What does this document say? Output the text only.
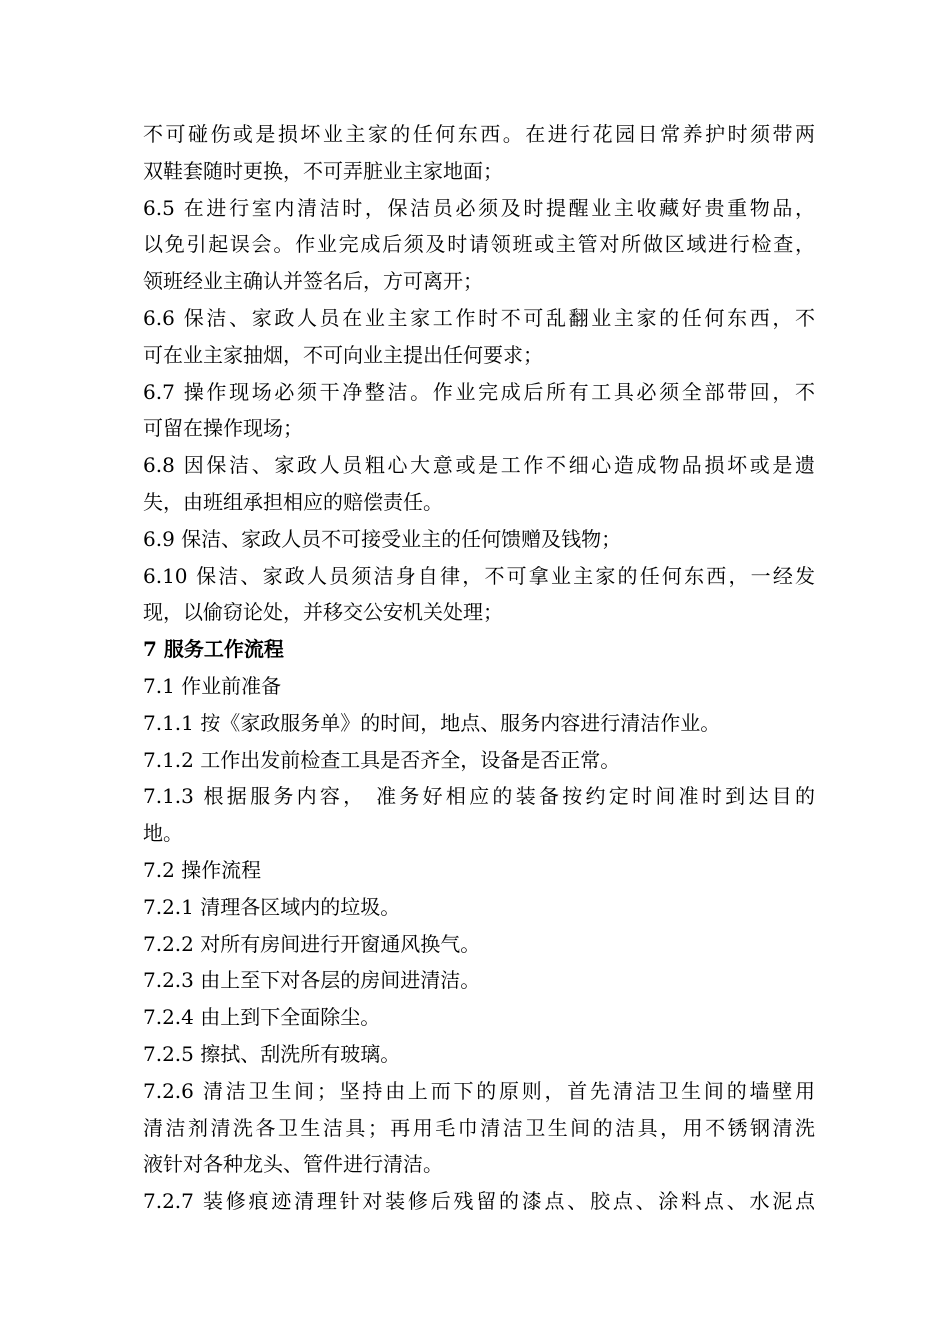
不可碰伤或是损坏业主家的任何东西。在进行花园日常养护时须带两
双鞋套随时更换，不可弄脏业主家地面；
6.5 在进行室内清洁时，保洁员必须及时提醒业主收藏好贵重物品，
以免引起误会。作业完成后须及时请领班或主管对所做区域进行检查，
领班经业主确认并签名后，方可离开；
6.6 保洁、家政人员在业主家工作时不可乱翻业主家的任何东西，不
可在业主家抽烟，不可向业主提出任何要求；
6.7 操作现场必须干净整洁。作业完成后所有工具必须全部带回，不
可留在操作现场；
6.8 因保洁、家政人员粗心大意或是工作不细心造成物品损坏或是遗
失，由班组承担相应的赔偿责任。
6.9 保洁、家政人员不可接受业主的任何馈赠及钱物；
6.10 保洁、家政人员须洁身自律，不可拿业主家的任何东西，一经发
现，以偷窃论处，并移交公安机关处理；
7 服务工作流程
7.1 作业前准备
7.1.1 按《家政服务单》的时间，地点、服务内容进行清洁作业。
7.1.2 工作出发前检查工具是否齐全，设备是否正常。
7.1.3 根据服务内容， 准务好相应的装备按约定时间准时到达目的
地。
7.2 操作流程
7.2.1 清理各区域内的垃圾。
7.2.2 对所有房间进行开窗通风换气。
7.2.3 由上至下对各层的房间进清洁。
7.2.4 由上到下全面除尘。
7.2.5 擦拭、刮洗所有玻璃。
7.2.6 清洁卫生间；坚持由上而下的原则，首先清洁卫生间的墙壁用
清洁剂清洗各卫生洁具；再用毛巾清洁卫生间的洁具，用不锈钢清洗
液针对各种龙头、管件进行清洁。
7.2.7 装修痕迹清理针对装修后残留的漆点、胶点、涂料点、水泥点
